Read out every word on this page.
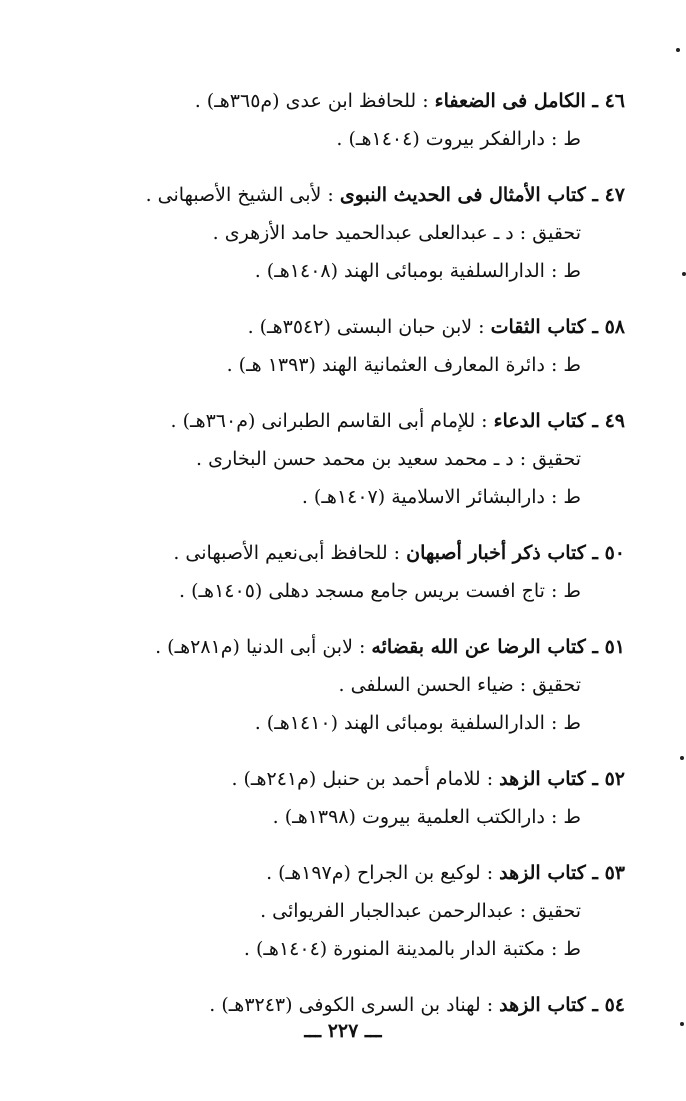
٤٦ ـ الكامل فى الضعفاء : للحافظ ابن عدى (م٣٦٥هـ) .
ط : دارالفكر بيروت (١٤٠٤هـ) .
٤٧ ـ كتاب الأمثال فى الحديث النبوى : لأبى الشيخ الأصبهانى .
تحقيق : د ـ عبدالعلى عبدالحميد حامد الأزهرى .
ط : الدارالسلفية بومبائى الهند (١٤٠٨هـ) .
٥٨ ـ كتاب الثقات : لابن حبان البستى (٣٥٤٢هـ) .
ط : دائرة المعارف العثمانية الهند (١٣٩٣ هـ) .
٤٩ ـ كتاب الدعاء : للإمام أبى القاسم الطبرانى (م٣٦٠هـ) .
تحقيق : د ـ محمد سعيد بن محمد حسن البخارى .
ط : دارالبشائر الاسلامية (١٤٠٧هـ) .
٥٠ ـ كتاب ذكر أخبار أصبهان : للحافظ أبى‌نعيم الأصبهانى .
ط : تاج افست بريس جامع مسجد دهلى (١٤٠٥هـ) .
٥١ ـ كتاب الرضا عن الله بقضائه : لابن أبى الدنيا (م٢٨١هـ) .
تحقيق : ضياء الحسن السلفى .
ط : الدارالسلفية بومبائى الهند (١٤١٠هـ) .
٥٢ ـ كتاب الزهد : للامام أحمد بن حنبل (م٢٤١هـ) .
ط : دارالكتب العلمية بيروت (١٣٩٨هـ) .
٥٣ ـ كتاب الزهد : لوكيع بن الجراح (م١٩٧هـ) .
تحقيق : عبدالرحمن عبدالجبار الفريوائى .
ط : مكتبة الدار بالمدينة المنورة (١٤٠٤هـ) .
٥٤ ـ كتاب الزهد : لهناد بن السرى الكوفى (٣٢٤٣هـ) .
ـــ ٢٢٧ ـــ
